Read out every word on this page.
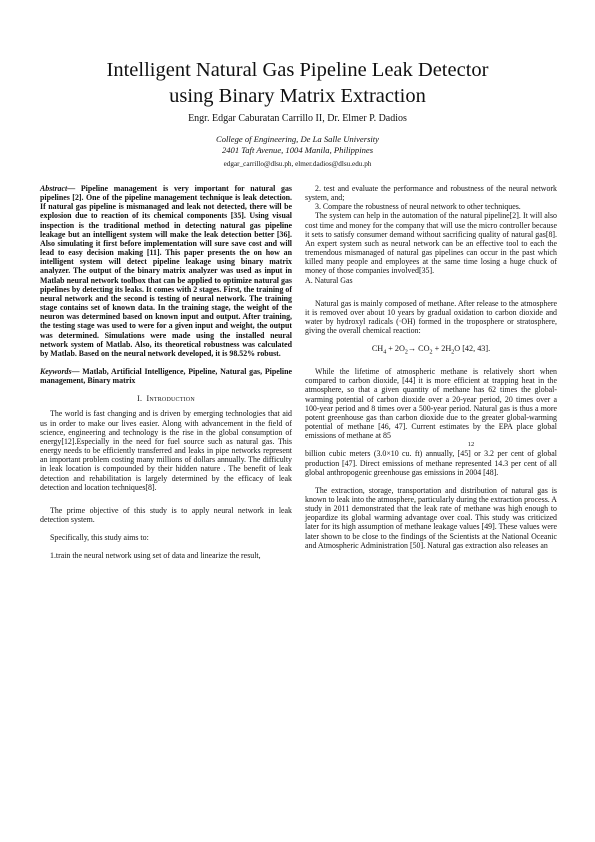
Intelligent Natural Gas Pipeline Leak Detector
using Binary Matrix Extraction
Engr. Edgar Caburatan Carrillo II, Dr. Elmer P. Dadios
College of Engineering, De La Salle University
2401 Taft Avenue, 1004 Manila, Philippines
edgar_carrillo@dlsu.ph, elmer.dadios@dlsu.edu.ph

Abstract— Pipeline management is very important for natural gas pipelines [2]. One of the pipeline management technique is leak detection. If natural gas pipeline is mismanaged and leak not detected, there will be explosion due to reaction of its chemical components [35]. Using visual inspection is the traditional method in detecting natural gas pipeline leakage but an intelligent system will make the leak detection better [36]. Also simulating it first before implementation will sure save cost and will lead to easy decision making [11]. This paper presents the on how an intelligent system will detect pipeline leakage using binary matrix analyzer. The output of the binary matrix analyzer was used as input in Matlab neural network toolbox that can be applied to optimize natural gas pipelines by detecting its leaks. It comes with 2 stages. First, the training of neural network and the second is testing of neural network. The training stage contains set of known data. In the training stage, the weight of the neuron was determined based on known input and output. After training, the testing stage was used to were for a given input and weight, the output was determined. Simulations were made using the installed neural network system of Matlab. Also, its theoretical robustness was calculated by Matlab. Based on the neural network developed, it is 98.52% robust.

Keywords— Matlab, Artificial Intelligence, Pipeline, Natural gas, Pipeline management, Binary matrix

I. Introduction

The world is fast changing and is driven by emerging technologies that aid us in order to make our lives easier. Along with advancement in the field of science, engineering and technology is the rise in the global consumption of energy[12].Especially in the need for fuel source such as natural gas. This energy needs to be efficiently transferred and leaks in pipe networks represent an important problem costing many millions of dollars annually. The difficulty in leak location is compounded by their hidden nature . The benefit of leak detection and rehabilitation is largely determined by the efficacy of leak detection and location techniques[8].

The prime objective of this study is to apply neural network in leak detection system.

Specifically, this study aims to:

1.train the neural network using set of data and linearize the result,

2. test and evaluate the performance and robustness of the neural network system, and;

3. Compare the robustness of neural network to other techniques.

The system can help in the automation of the natural pipeline[2]. It will also cost time and money for the company that will use the micro controller because it sets to satisfy consumer demand without sacrificing quality of natural gas[8]. An expert system such as neural network can be an effective tool to each the tremendous mismanaged of natural gas pipelines can occur in the past which killed many people and employees at the same time losing a huge chuck of money of those companies involved[35].

A. Natural Gas

Natural gas is mainly composed of methane. After release to the atmosphere it is removed over about 10 years by gradual oxidation to carbon dioxide and water by hydroxyl radicals (·OH) formed in the troposphere or stratosphere, giving the overall chemical reaction:

$CH_4 + 2O_2\to CO_2 + 2H_2O$ [42, 43].

While the lifetime of atmospheric methane is relatively short when compared to carbon dioxide, [44] it is more efficient at trapping heat in the atmosphere, so that a given quantity of methane has 62 times the global-warming potential of carbon dioxide over a 20-year period, 20 times over a 100-year period and 8 times over a 500-year period. Natural gas is thus a more potent greenhouse gas than carbon dioxide due to the greater global-warming potential of methane [46, 47]. Current estimates by the EPA place global emissions of methane at 85

12

billion cubic meters (3.0×10 cu. ft) annually, [45] or 3.2 per cent of global production [47]. Direct emissions of methane represented 14.3 per cent of all global anthropogenic greenhouse gas emissions in 2004 [48].

The extraction, storage, transportation and distribution of natural gas is known to leak into the atmosphere, particularly during the extraction process. A study in 2011 demonstrated that the leak rate of methane was high enough to jeopardize its global warming advantage over coal. This study was criticized later for its high assumption of methane leakage values [49]. These values were later shown to be close to the findings of the Scientists at the National Oceanic and Atmospheric Administration [50]. Natural gas extraction also releases an
